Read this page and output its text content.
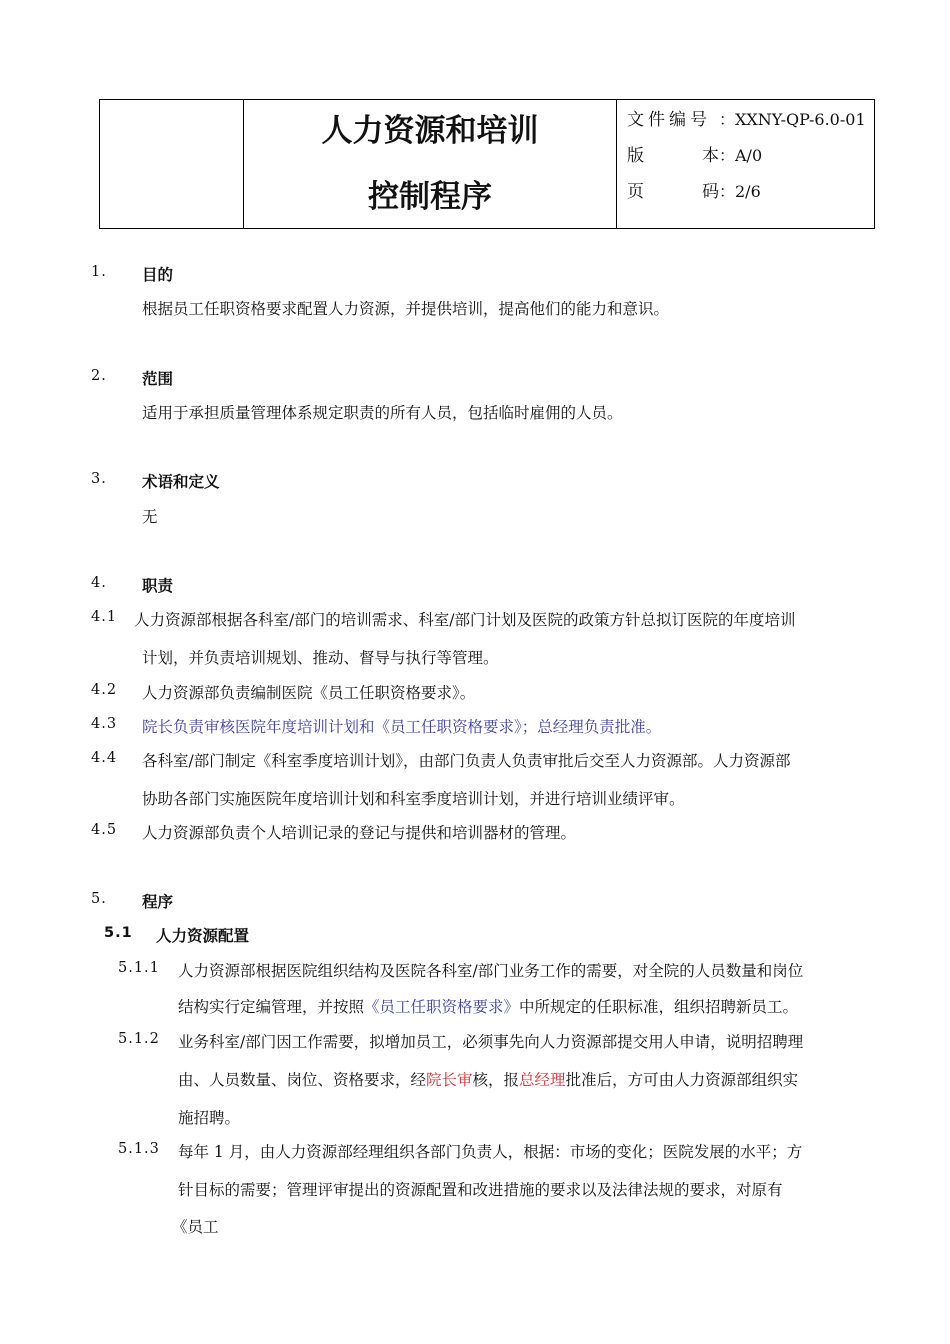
人力资源和培训
控制程序
文件编号 ：XXNY-QP-6.0-01
版	本 ：A/0
页	码 ：2/6
1. 目的
根据员工任职资格要求配置人力资源，并提供培训，提高他们的能力和意识。
2. 范围
适用于承担质量管理体系规定职责的所有人员，包括临时雇佣的人员。
3. 术语和定义
无
4. 职责
4.1 人力资源部根据各科室/部门的培训需求、科室/部门计划及医院的政策方针总拟订医院的年度培训
计划，并负责培训规划、推动、督导与执行等管理。
4.2 人力资源部负责编制医院《员工任职资格要求》。
4.3 院长负责审核医院年度培训计划和《员工任职资格要求》；总经理负责批准。
4.4 各科室/部门制定《科室季度培训计划》，由部门负责人负责审批后交至人力资源部。人力资源部
协助各部门实施医院年度培训计划和科室季度培训计划，并进行培训业绩评审。
4.5 人力资源部负责个人培训记录的登记与提供和培训器材的管理。
5. 程序
5.1 人力资源配置
5.1.1 人力资源部根据医院组织结构及医院各科室/部门业务工作的需要，对全院的人员数量和岗位
结构实行定编管理，并按照《员工任职资格要求》中所规定的任职标准，组织招聘新员工。
5.1.2 业务科室/部门因工作需要，拟增加员工，必须事先向人力资源部提交用人申请，说明招聘理
由、人员数量、岗位、资格要求，经院长审核，报总经理批准后，方可由人力资源部组织实
施招聘。
5.1.3 每年 1 月，由人力资源部经理组织各部门负责人，根据：市场的变化；医院发展的水平；方
针目标的需要；管理评审提出的资源配置和改进措施的要求以及法律法规的要求，对原有
《员工
